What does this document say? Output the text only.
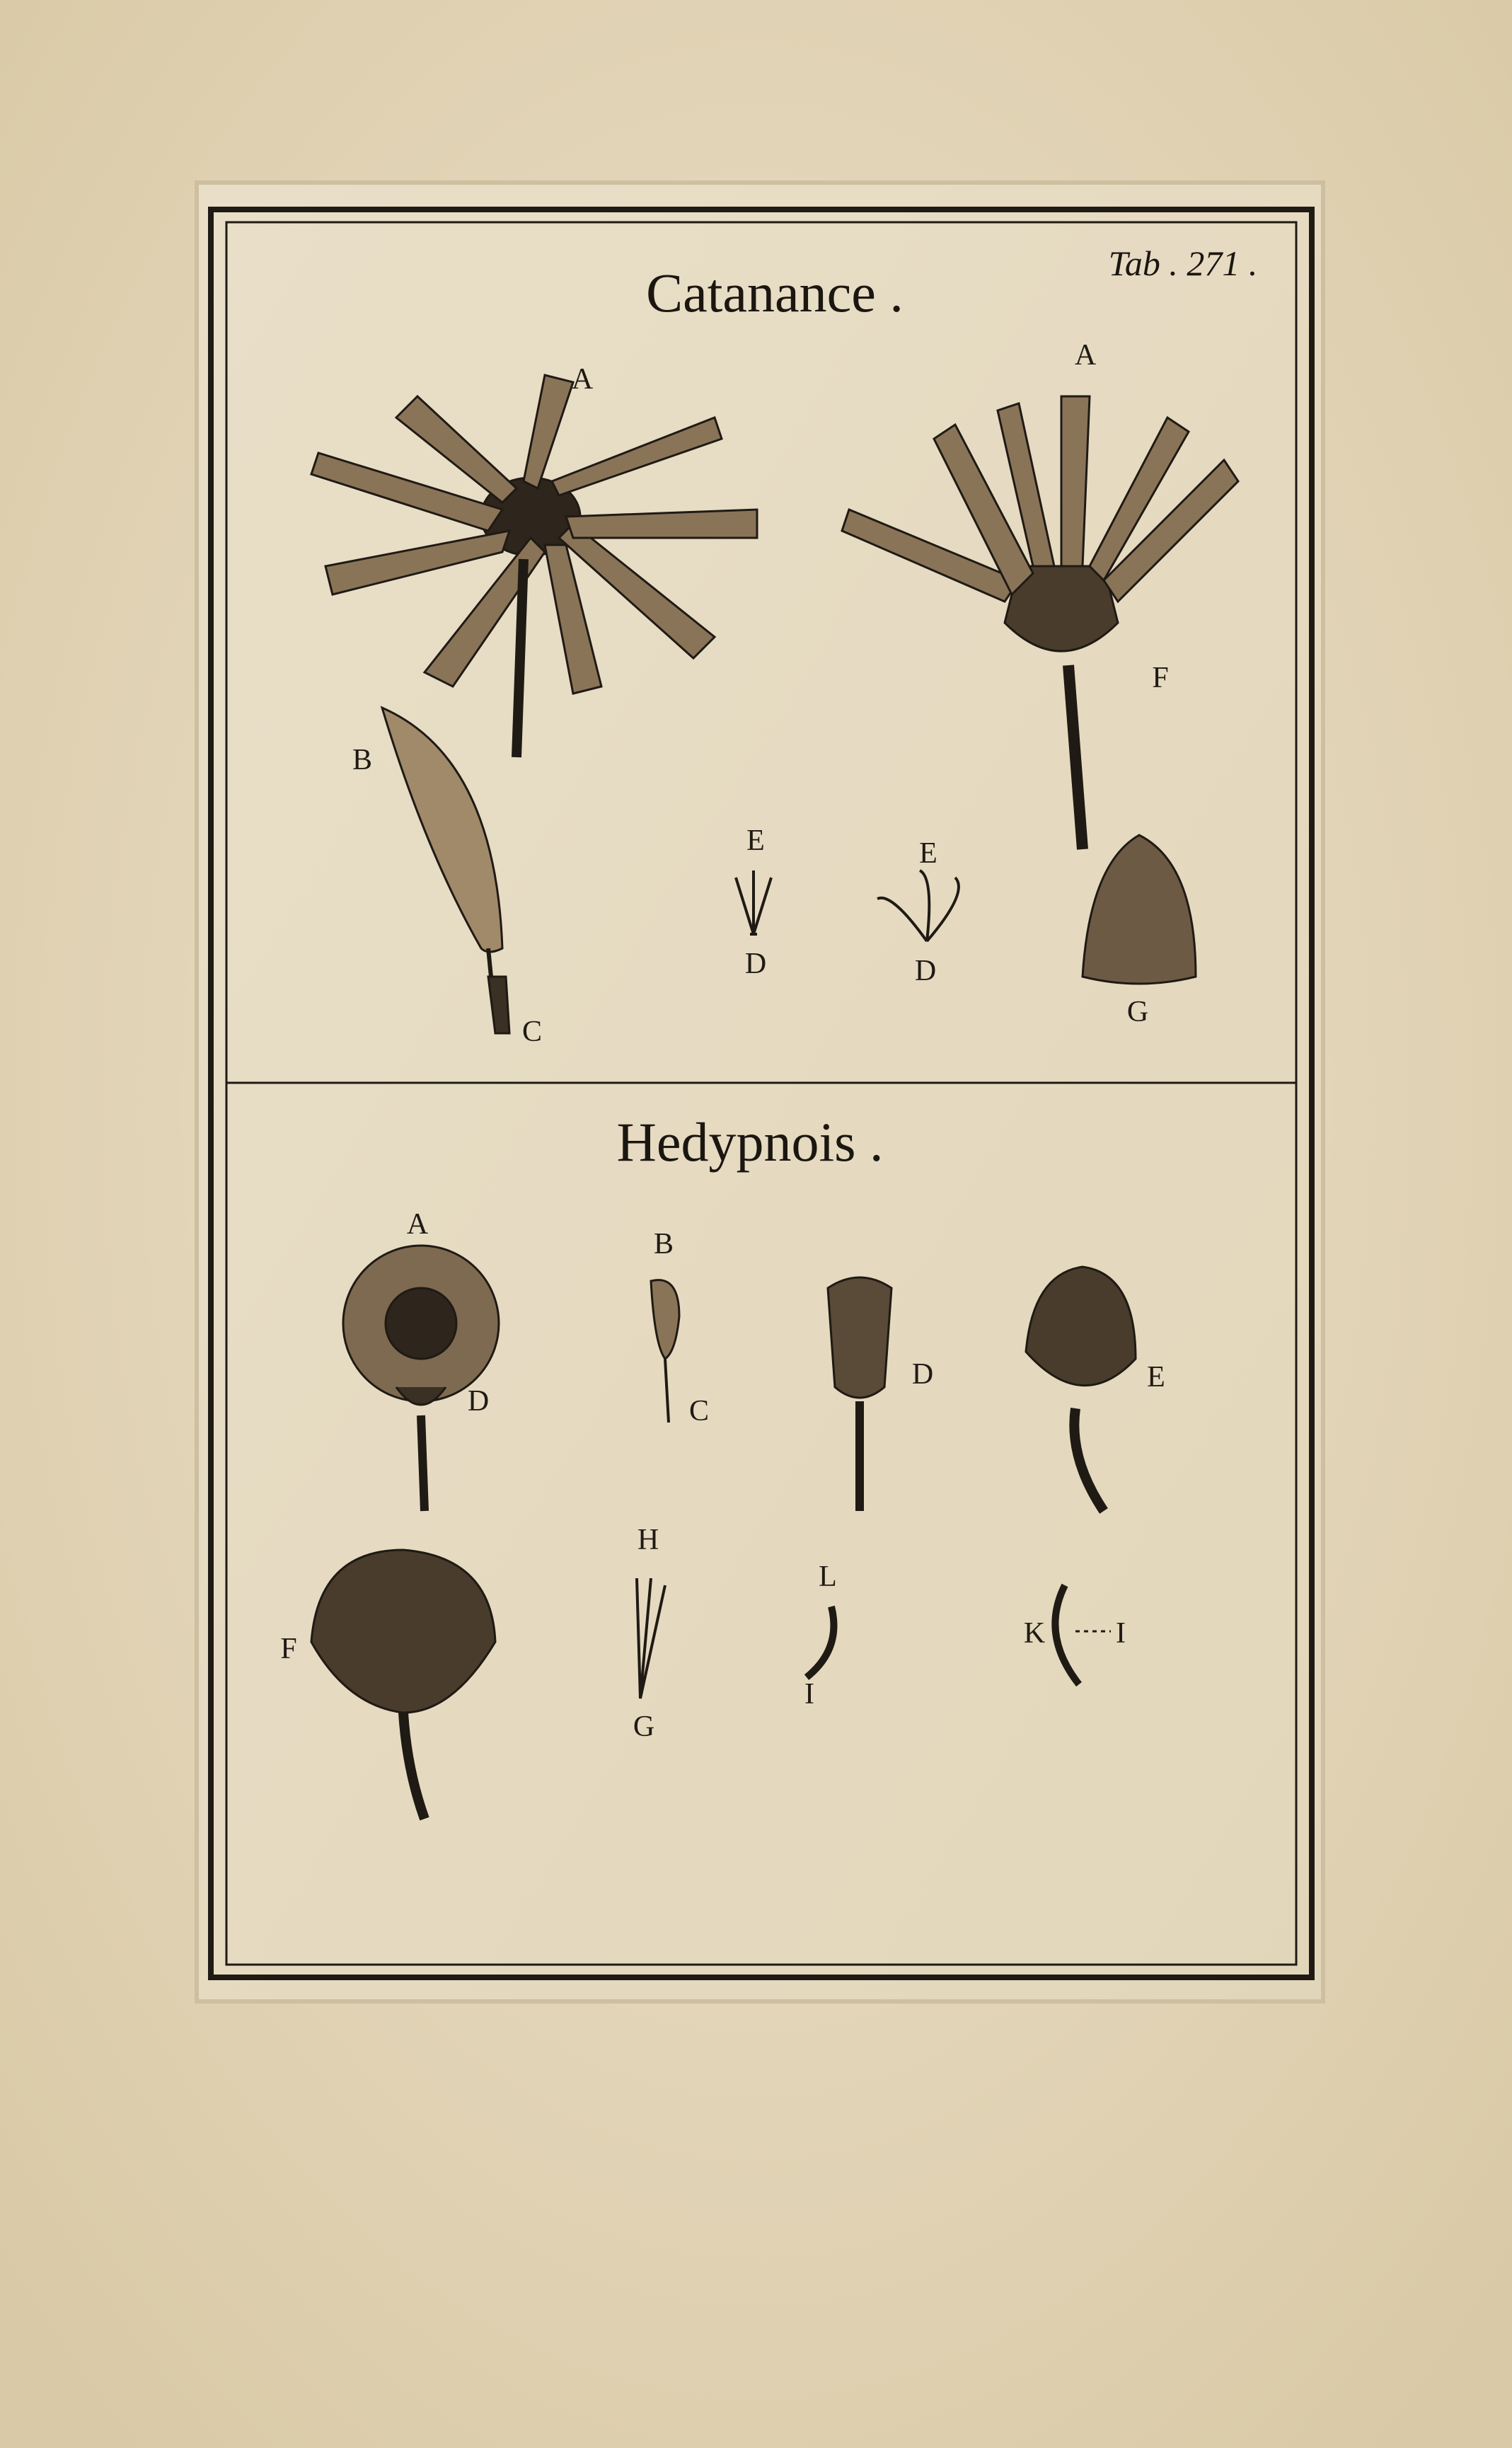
Tab . 271 .
Catanance .
Hedypnois .
A
A
B
C
E
D
E
D
F
G
A
D
B
C
D	E
F
H
G
L
I
K I
